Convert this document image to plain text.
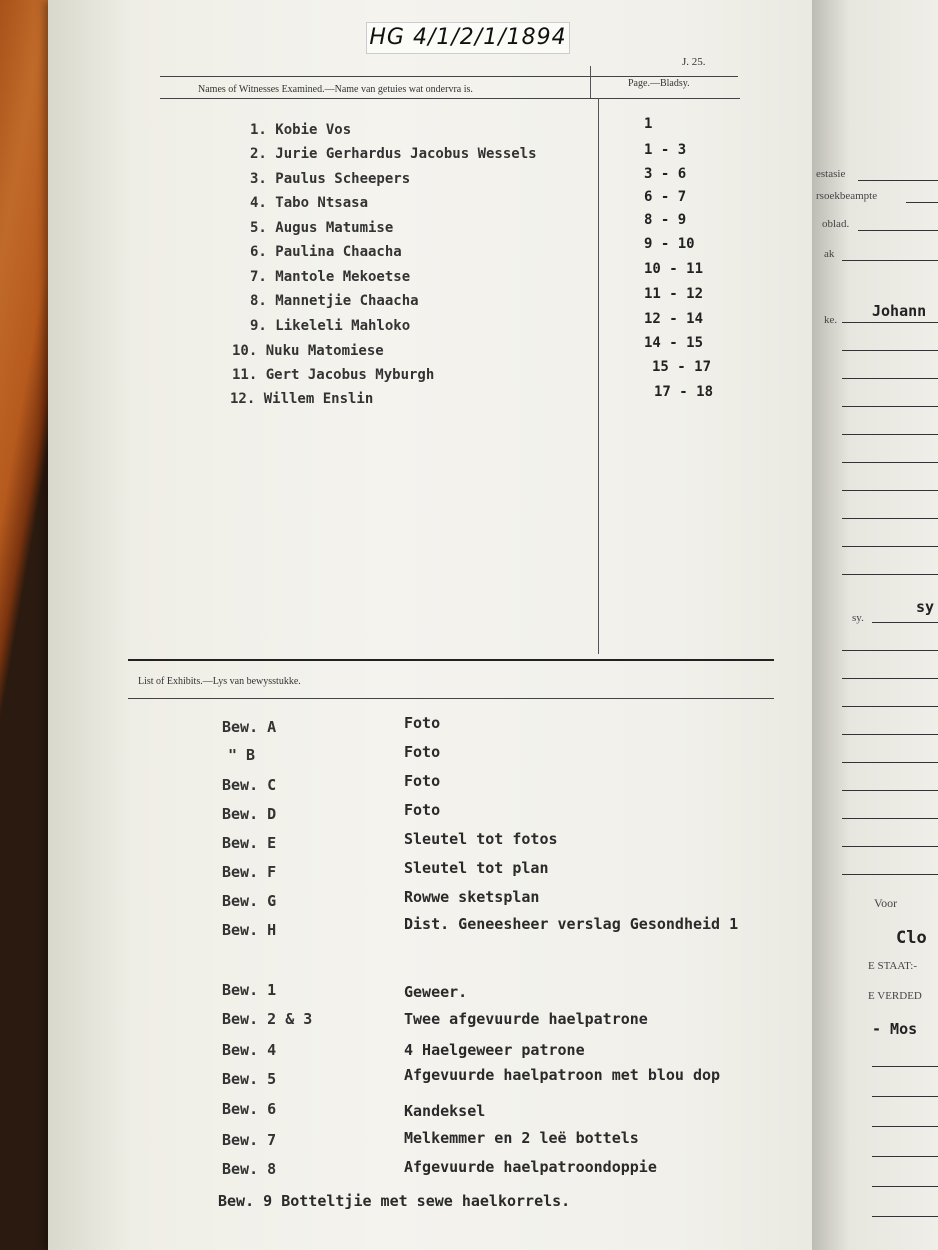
HG 4/1/2/1/1894
J. 25.
Names of Witnesses Examined.—Name van getuies wat ondervra is.
Page.—Bladsy.
1. Kobie Vos	1
2. Jurie Gerhardus Jacobus Wessels	1 - 3
3. Paulus Scheepers	3 - 6
4. Tabo Ntsasa	6 - 7
5. Augus Matumise	8 - 9
6. Paulina Chaacha	9 - 10
7. Mantole Mekoetse	10 - 11
8. Mannetjie Chaacha	11 - 12
9. Likeleli Mahloko	12 - 14
10. Nuku Matomiese	14 - 15
11. Gert Jacobus Myburgh	15 - 17
12. Willem Enslin	17 - 18
List of Exhibits.—Lys van bewysstukke.
Bew. A	Foto
" B	Foto
Bew. C	Foto
Bew. D	Foto
Bew. E	Sleutel tot fotos
Bew. F	Sleutel tot plan
Bew. G	Rowwe sketsplan
Bew. H	Dist. Geneesheer verslag Gesondheid 1
Bew. 1	Geweer.
Bew. 2 & 3	Twee afgevuurde haelpatrone
Bew. 4	4 Haelgeweer patrone
Bew. 5	Afgevuurde haelpatroon met blou dop
Bew. 6	Kandeksel
Bew. 7	Melkemmer en 2 leë bottels
Bew. 8	Afgevuurde haelpatroondoppie
Bew. 9 Botteltjie met sewe haelkorrels.
estasie
rsoekbeampte
oblad.
ak
ke. Johann
sy.
sy
Voor
Clo
E STAAT:-
E VERDED
- Mos
